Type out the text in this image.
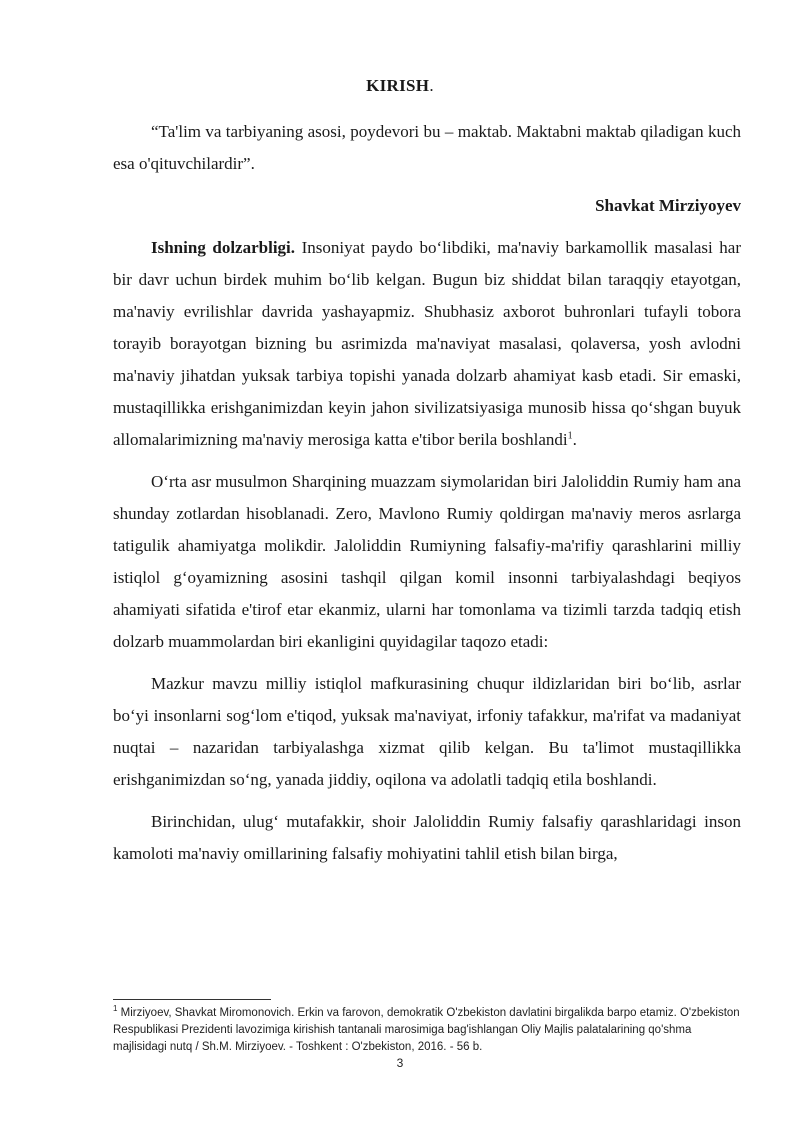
KIRISH.

“Ta'lim va tarbiyaning asosi, poydevori bu – maktab. Maktabni maktab qiladigan kuch esa o'qituvchilardir”.

Shavkat Mirziyoyev

Ishning dolzarbligi. Insoniyat paydo bo‘libdiki, ma'naviy barkamollik masalasi har bir davr uchun birdek muhim bo‘lib kelgan. Bugun biz shiddat bilan taraqqiy etayotgan, ma'naviy evrilishlar davrida yashayapmiz. Shubhasiz axborot buhronlari tufayli tobora torayib borayotgan bizning bu asrimizda ma'naviyat masalasi, qolaversa, yosh avlodni ma'naviy jihatdan yuksak tarbiya topishi yanada dolzarb ahamiyat kasb etadi. Sir emaski, mustaqillikka erishganimizdan keyin jahon sivilizatsiyasiga munosib hissa qo‘shgan buyuk allomalarimizning ma'naviy merosiga katta e'tibor berila boshlandi$^1$.

O‘rta asr musulmon Sharqining muazzam siymolaridan biri Jaloliddin Rumiy ham ana shunday zotlardan hisoblanadi. Zero, Mavlono Rumiy qoldirgan ma'naviy meros asrlarga tatigulik ahamiyatga molikdir. Jaloliddin Rumiyning falsafiy-ma'rifiy qarashlarini milliy istiqlol g‘oyamizning asosini tashqil qilgan komil insonni tarbiyalashdagi beqiyos ahamiyati sifatida e'tirof etar ekanmiz, ularni har tomonlama va tizimli tarzda tadqiq etish dolzarb muammolardan biri ekanligini quyidagilar taqozo etadi:

Mazkur mavzu milliy istiqlol mafkurasining chuqur ildizlaridan biri bo‘lib, asrlar bo‘yi insonlarni sog‘lom e'tiqod, yuksak ma'naviyat, irfoniy tafakkur, ma'rifat va madaniyat nuqtai – nazaridan tarbiyalashga xizmat qilib kelgan. Bu ta'limot mustaqillikka erishganimizdan so‘ng, yanada jiddiy, oqilona va adolatli tadqiq etila boshlandi.

Birinchidan, ulug‘ mutafakkir, shoir Jaloliddin Rumiy falsafiy qarashlaridagi inson kamoloti ma'naviy omillarining falsafiy mohiyatini tahlil etish bilan birga,

$^1$ Mirziyoev, Shavkat Miromonovich. Erkin va farovon, demokratik O'zbekiston davlatini birgalikda barpo etamiz. O'zbekiston Respublikasi Prezidenti lavozimiga kirishish tantanali marosimiga bag'ishlangan Oliy Majlis palatalarining qo'shma majlisidagi nutq / Sh.M. Mirziyoev. - Toshkent : O'zbekiston, 2016. - 56 b.

3
